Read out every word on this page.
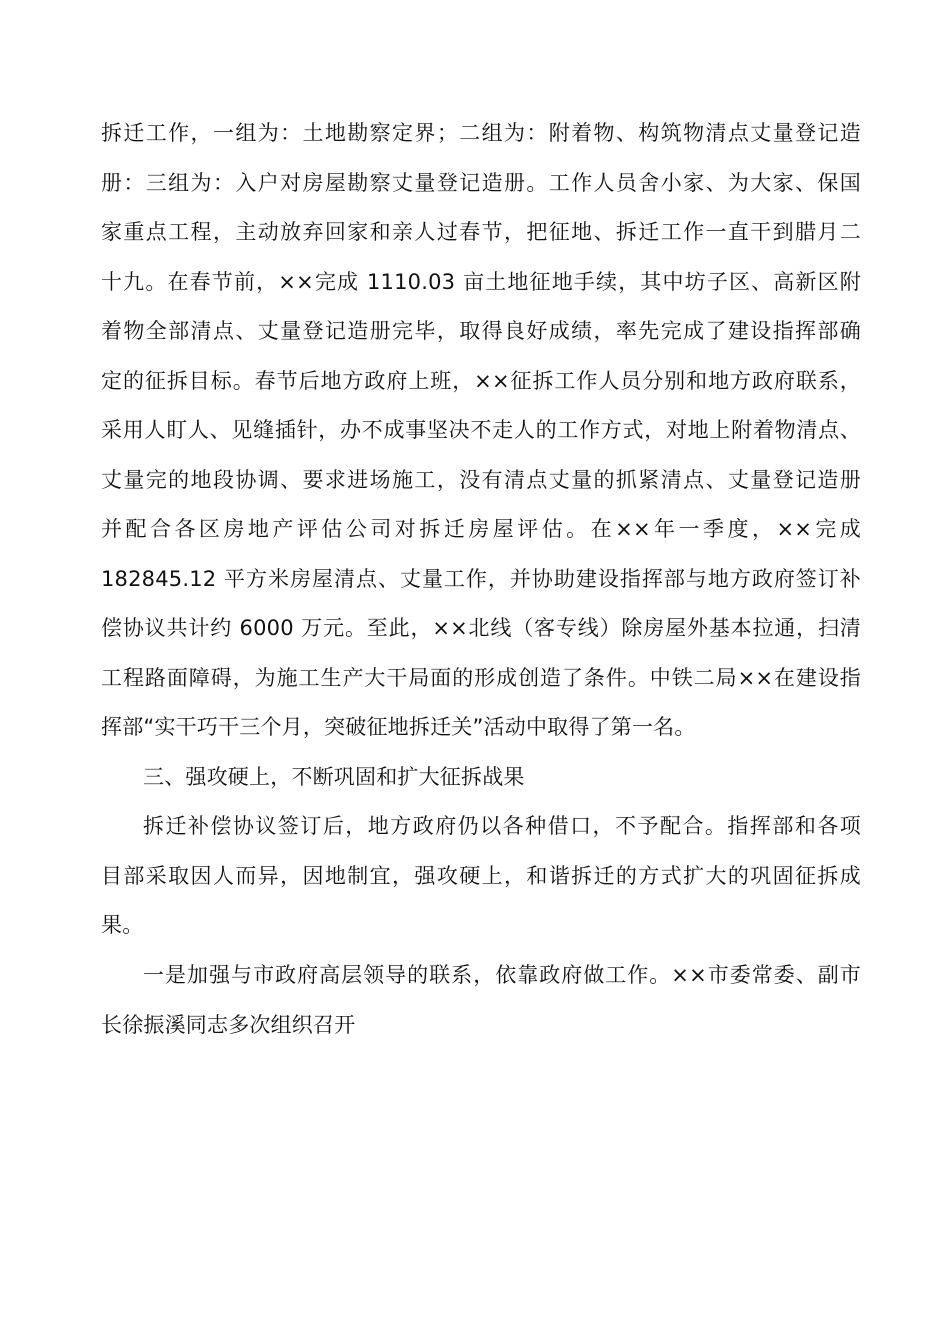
拆迁工作，一组为：土地勘察定界；二组为：附着物、构筑物清点丈量登记造
册：三组为：入户对房屋勘察丈量登记造册。工作人员舍小家、为大家、保国
家重点工程，主动放弃回家和亲人过春节，把征地、拆迁工作一直干到腊月二
十九。在春节前，××完成 1110.03 亩土地征地手续，其中坊子区、高新区附
着物全部清点、丈量登记造册完毕，取得良好成绩，率先完成了建设指挥部确
定的征拆目标。春节后地方政府上班，××征拆工作人员分别和地方政府联系，
采用人盯人、见缝插针，办不成事坚决不走人的工作方式，对地上附着物清点、
丈量完的地段协调、要求进场施工，没有清点丈量的抓紧清点、丈量登记造册
并配合各区房地产评估公司对拆迁房屋评估。在××年一季度，××完成
182845.12 平方米房屋清点、丈量工作，并协助建设指挥部与地方政府签订补
偿协议共计约 6000 万元。至此，××北线（客专线）除房屋外基本拉通，扫清
工程路面障碍，为施工生产大干局面的形成创造了条件。中铁二局××在建设指
挥部“实干巧干三个月，突破征地拆迁关”活动中取得了第一名。
三、强攻硬上，不断巩固和扩大征拆战果
拆迁补偿协议签订后，地方政府仍以各种借口，不予配合。指挥部和各项
目部采取因人而异，因地制宜，强攻硬上，和谐拆迁的方式扩大的巩固征拆成
果。
一是加强与市政府高层领导的联系，依靠政府做工作。××市委常委、副市
长徐振溪同志多次组织召开
